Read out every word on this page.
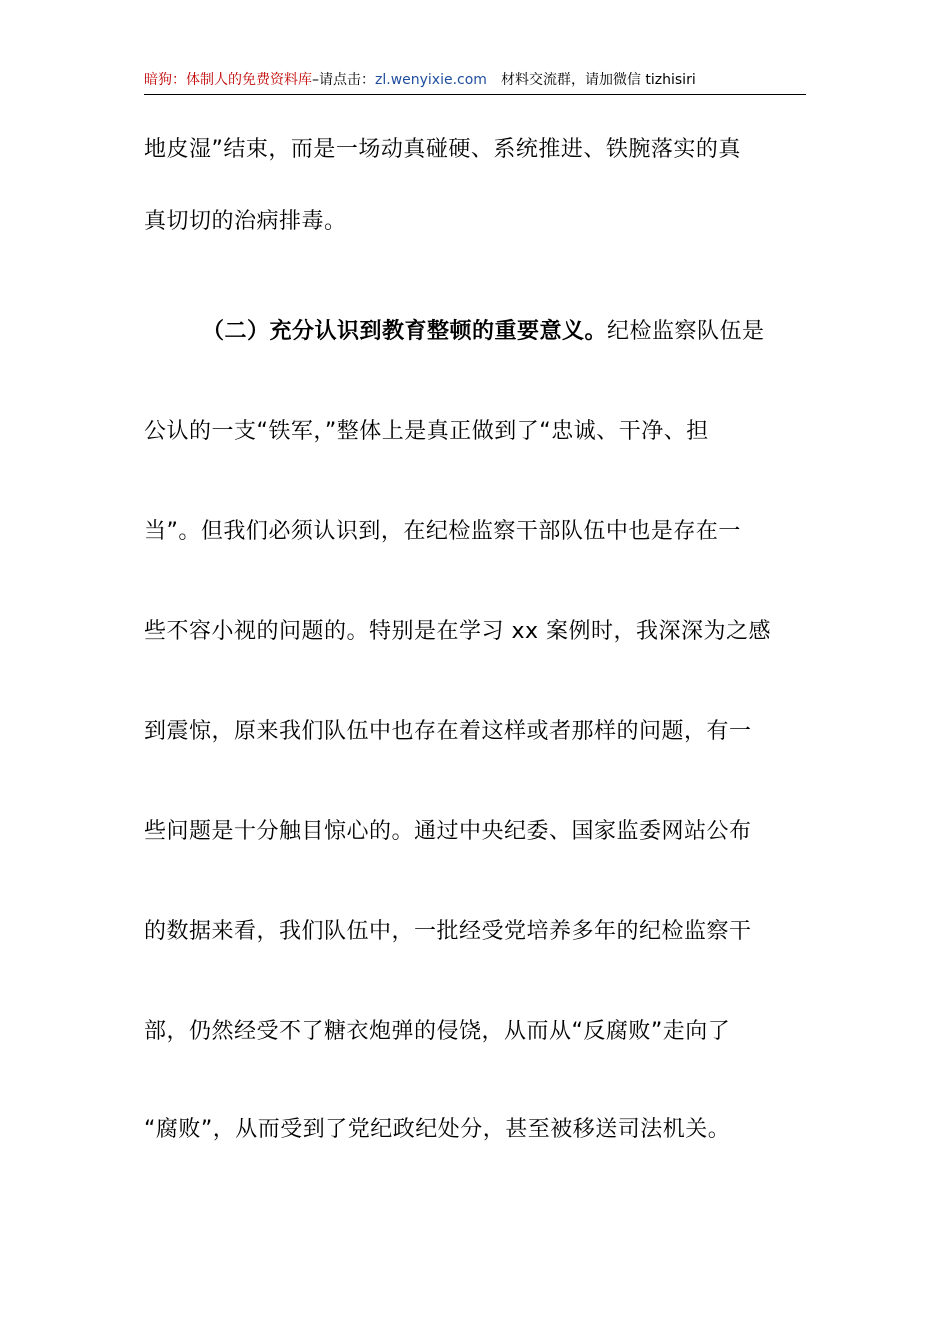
暗狗：体制人的免费资料库–请点击：zl.wenyixie.com 材料交流群，请加微信 tizhisiri
地皮湿”结束，而是一场动真碰硬、系统推进、铁腕落实的真
真切切的治病排毒。
（二）充分认识到教育整顿的重要意义。纪检监察队伍是
公认的一支“铁军，”整体上是真正做到了“忠诚、干净、担
当”。但我们必须认识到，在纪检监察干部队伍中也是存在一
些不容小视的问题的。特别是在学习 xx 案例时，我深深为之感
到震惊，原来我们队伍中也存在着这样或者那样的问题，有一
些问题是十分触目惊心的。通过中央纪委、国家监委网站公布
的数据来看，我们队伍中，一批经受党培养多年的纪检监察干
部，仍然经受不了糖衣炮弹的侵饶，从而从“反腐败”走向了
“腐败”，从而受到了党纪政纪处分，甚至被移送司法机关。
